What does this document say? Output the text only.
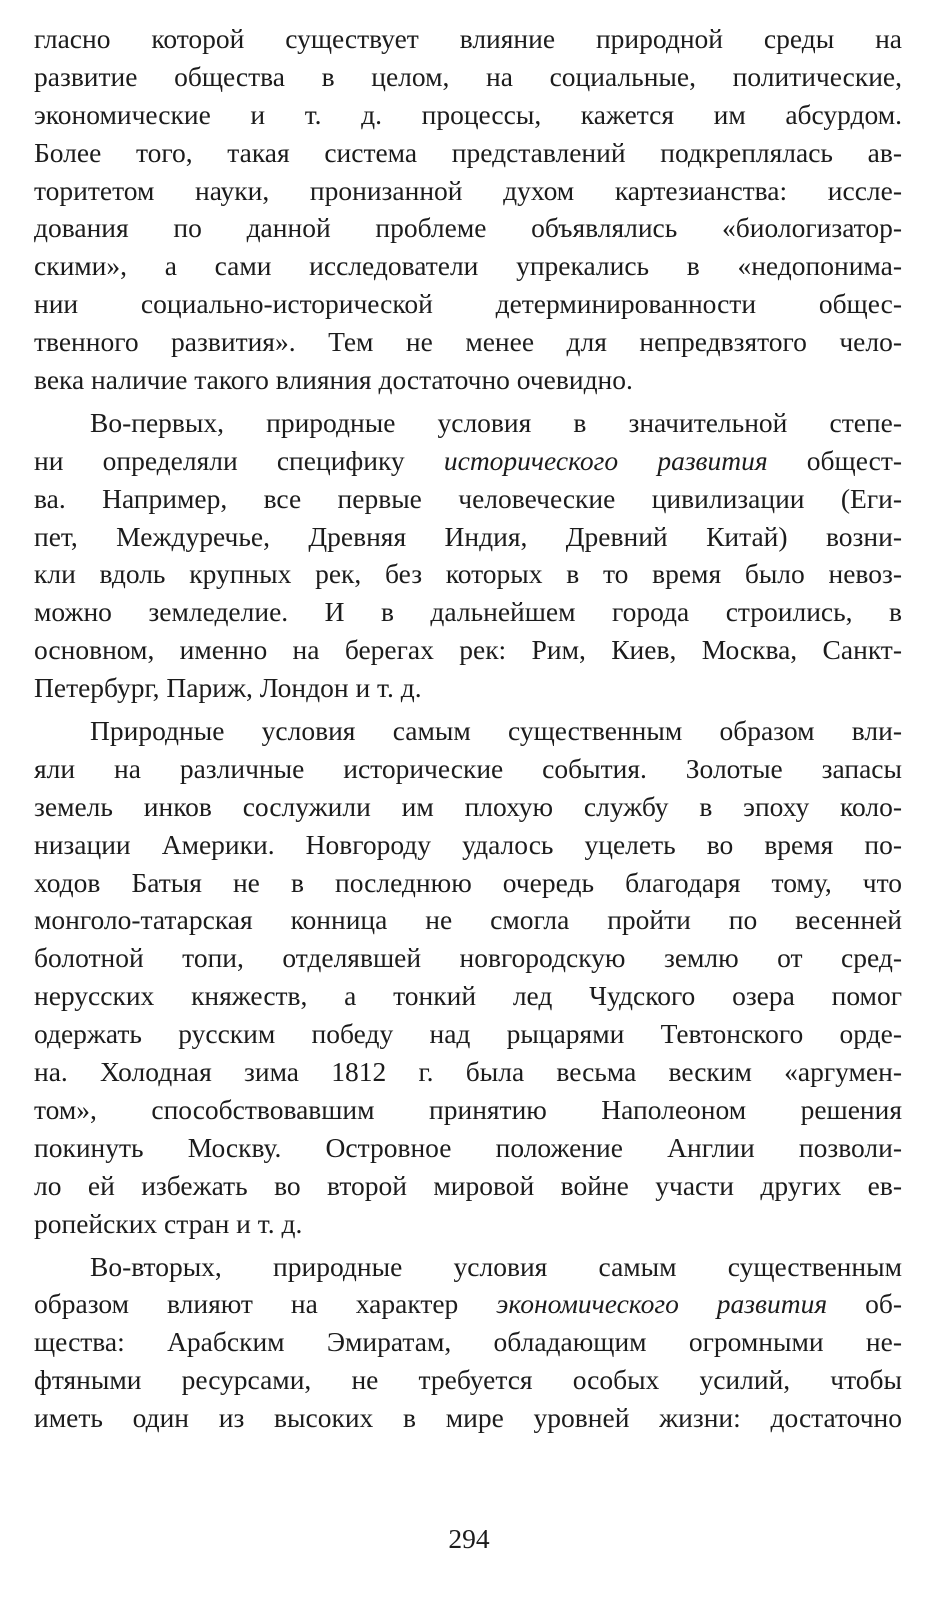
гласно которой существует влияние природной среды на
развитие общества в целом, на социальные, политические,
экономические и т. д. процессы, кажется им абсурдом.
Более того, такая система представлений подкреплялась ав-
торитетом науки, пронизанной духом картезианства: иссле-
дования по данной проблеме объявлялись «биологизатор-
скими», а сами исследователи упрекались в «недопонима-
нии социально-исторической детерминированности общес-
твенного развития». Тем не менее для непредвзятого чело-
века наличие такого влияния достаточно очевидно.
Во-первых, природные условия в значительной степе-
ни определяли специфику исторического развития общест-
ва. Например, все первые человеческие цивилизации (Еги-
пет, Междуречье, Древняя Индия, Древний Китай) возни-
кли вдоль крупных рек, без которых в то время было невоз-
можно земледелие. И в дальнейшем города строились, в
основном, именно на берегах рек: Рим, Киев, Москва, Санкт-
Петербург, Париж, Лондон и т. д.
Природные условия самым существенным образом вли-
яли на различные исторические события. Золотые запасы
земель инков сослужили им плохую службу в эпоху коло-
низации Америки. Новгороду удалось уцелеть во время по-
ходов Батыя не в последнюю очередь благодаря тому, что
монголо-татарская конница не смогла пройти по весенней
болотной топи, отделявшей новгородскую землю от сред-
нерусских княжеств, а тонкий лед Чудского озера помог
одержать русским победу над рыцарями Тевтонского орде-
на. Холодная зима 1812 г. была весьма веским «аргумен-
том», способствовавшим принятию Наполеоном решения
покинуть Москву. Островное положение Англии позволи-
ло ей избежать во второй мировой войне участи других ев-
ропейских стран и т. д.
Во-вторых, природные условия самым существенным
образом влияют на характер экономического развития об-
щества: Арабским Эмиратам, обладающим огромными не-
фтяными ресурсами, не требуется особых усилий, чтобы
иметь один из высоких в мире уровней жизни: достаточно
294
